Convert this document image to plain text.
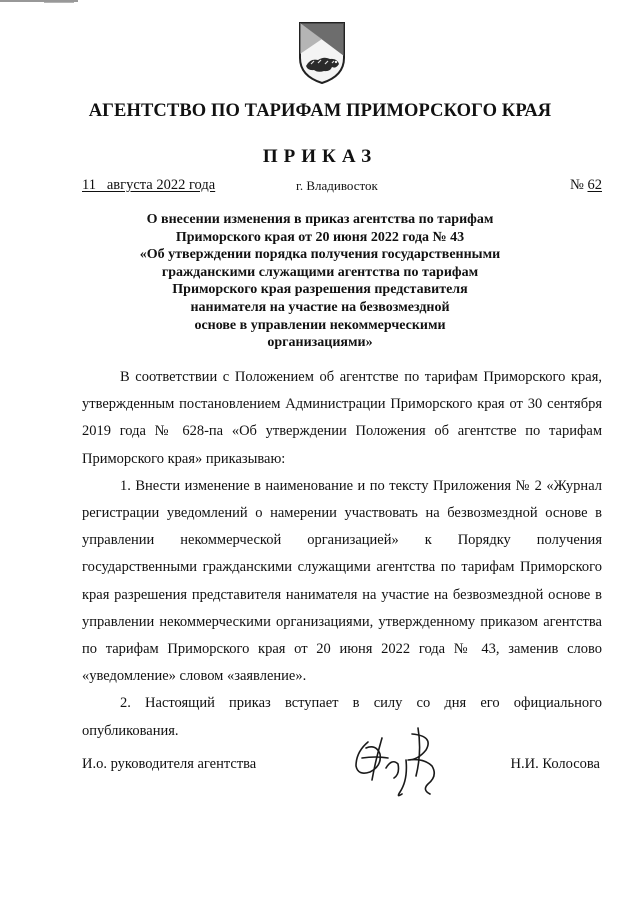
АГЕНТСТВО ПО ТАРИФАМ ПРИМОРСКОГО КРАЯ
ПРИКАЗ
11   августа 2022 года	г. Владивосток	№ 62
О внесении изменения в приказ агентства по тарифам
Приморского края от 20 июня 2022 года № 43
«Об утверждении порядка получения государственными
гражданскими служащими агентства по тарифам
Приморского края разрешения представителя
нанимателя на участие на безвозмездной
основе в управлении некоммерческими
организациями»

В соответствии с Положением об агентстве по тарифам Приморского края, утвержденным постановлением Администрации Приморского края от 30 сентября 2019 года № 628-па «Об утверждении Положения об агентстве по тарифам Приморского края» приказываю:

1. Внести изменение в наименование и по тексту Приложения № 2 «Журнал регистрации уведомлений о намерении участвовать на безвозмездной основе в управлении некоммерческой организацией» к Порядку получения государственными гражданскими служащими агентства по тарифам Приморского края разрешения представителя нанимателя на участие на безвозмездной основе в управлении некоммерческими организациями, утвержденному приказом агентства по тарифам Приморского края от 20 июня 2022 года № 43, заменив слово «уведомление» словом «заявление».

2. Настоящий приказ вступает в силу со дня его официального опубликования.

И.о. руководителя агентства	Н.И. Колосова
